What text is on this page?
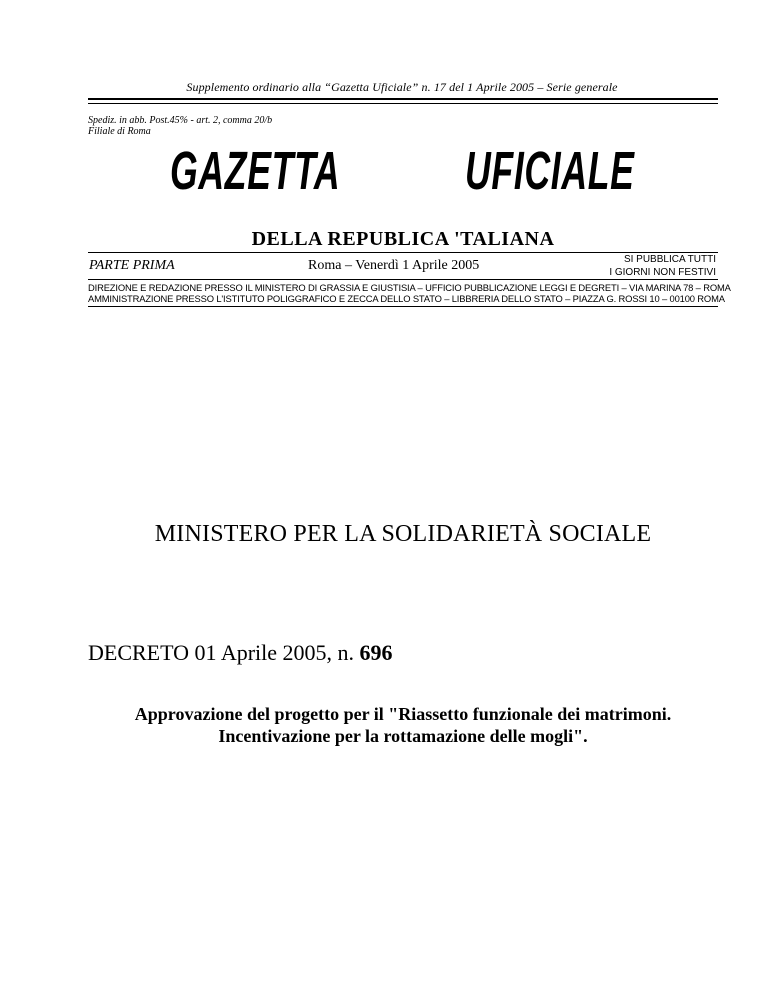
Supplemento ordinario alla “Gazetta Uficiale” n. 17 del 1 Aprile 2005 – Serie generale
Spediz. in abb. Post.45% - art. 2, comma 20/b
Filiale di Roma
GAZETTA UFICIALE
DELLA REPUBLICA 'TALIANA
PARTE PRIMA	Roma – Venerdì 1 Aprile 2005	SI PUBBLICA TUTTI
I GIORNI NON FESTIVI
DIREZIONE E REDAZIONE PRESSO IL MINISTERO DI GRASSIA E GIUSTISIA – UFFICIO PUBBLICAZIONE LEGGI E DEGRETI – VIA MARINA 78 – ROMA
AMMINISTRAZIONE PRESSO L'ISTITUTO POLIGGRAFICO E ZECCA DELLO STATO – LIBBRERIA DELLO STATO – PIAZZA G. ROSSI 10 – 00100 ROMA
MINISTERO PER LA SOLIDARIETÀ SOCIALE
DECRETO 01 Aprile 2005, n. 696
Approvazione del progetto per il "Riassetto funzionale dei matrimoni.
Incentivazione per la rottamazione delle mogli".
